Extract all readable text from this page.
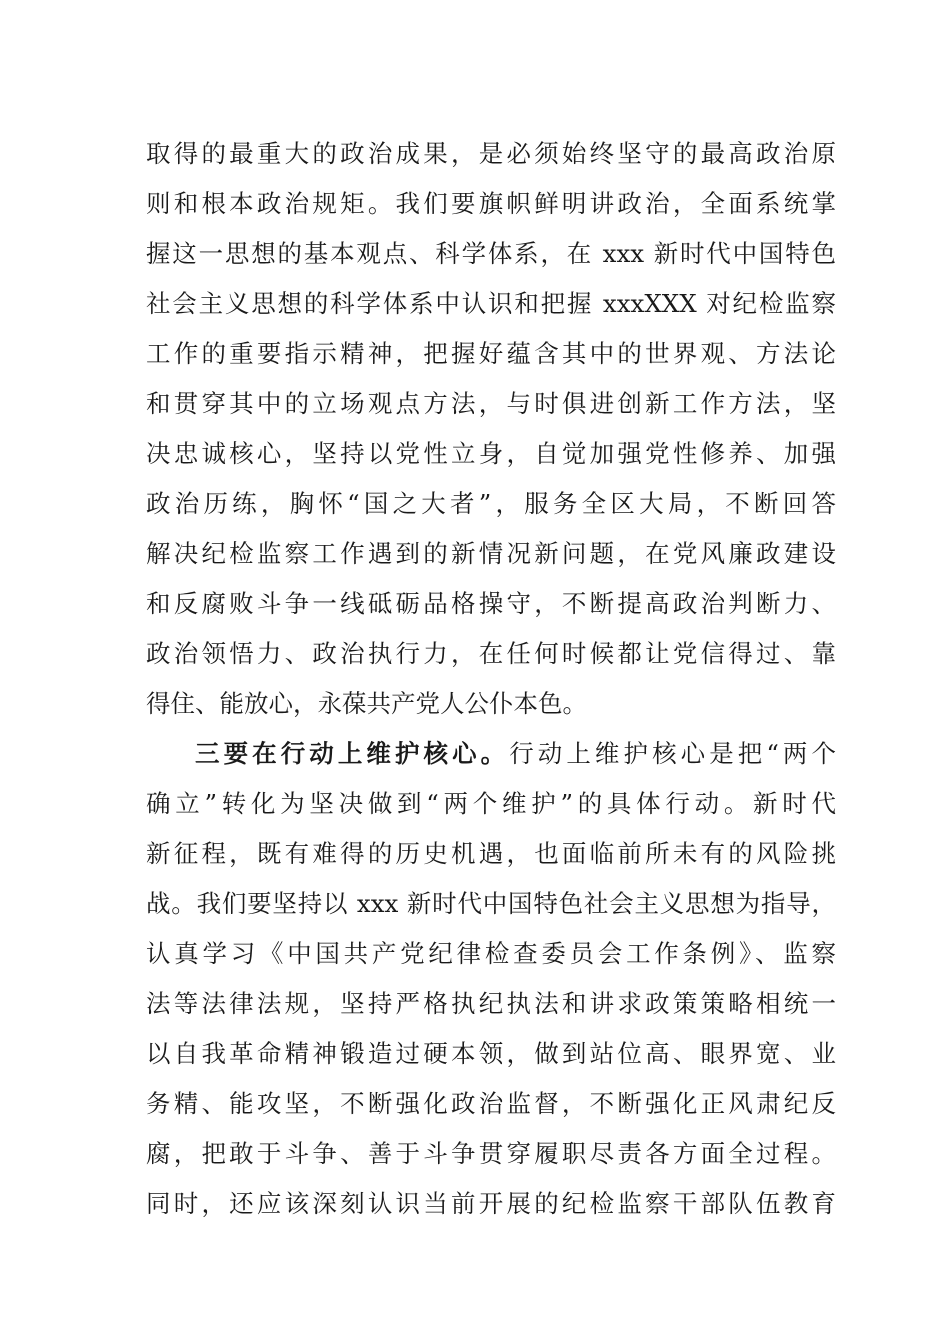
取得的最重大的政治成果，是必须始终坚守的最高政治原
则和根本政治规矩。我们要旗帜鲜明讲政治，全面系统掌
握这一思想的基本观点、科学体系，在 xxx 新时代中国特色
社会主义思想的科学体系中认识和把握 xxxXXX 对纪检监察
工作的重要指示精神，把握好蕴含其中的世界观、方法论
和贯穿其中的立场观点方法，与时俱进创新工作方法，坚
决忠诚核心，坚持以党性立身，自觉加强党性修养、加强
政治历练，胸怀“国之大者”，服务全区大局，不断回答
解决纪检监察工作遇到的新情况新问题，在党风廉政建设
和反腐败斗争一线砥砺品格操守，不断提高政治判断力、
政治领悟力、政治执行力，在任何时候都让党信得过、靠
得住、能放心，永葆共产党人公仆本色。
三要在行动上维护核心。行动上维护核心是把“两个
确立”转化为坚决做到“两个维护”的具体行动。新时代
新征程，既有难得的历史机遇，也面临前所未有的风险挑
战。我们要坚持以 xxx 新时代中国特色社会主义思想为指导，
认真学习《中国共产党纪律检查委员会工作条例》、监察
法等法律法规，坚持严格执纪执法和讲求政策策略相统一
以自我革命精神锻造过硬本领，做到站位高、眼界宽、业
务精、能攻坚，不断强化政治监督，不断强化正风肃纪反
腐，把敢于斗争、善于斗争贯穿履职尽责各方面全过程。
同时，还应该深刻认识当前开展的纪检监察干部队伍教育
